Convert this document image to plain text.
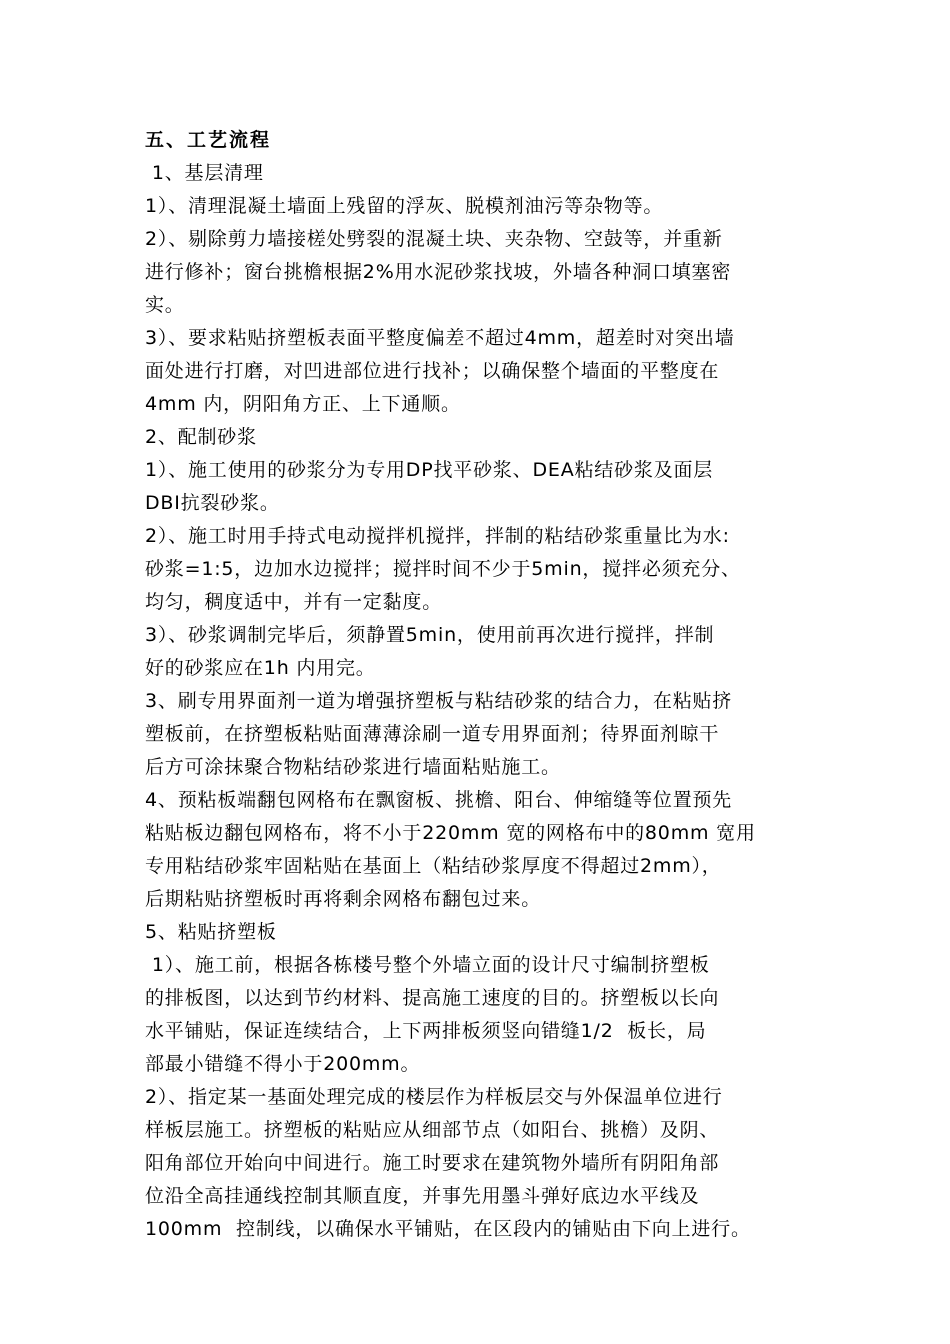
五、工艺流程
1、基层清理
1）、清理混凝土墙面上残留的浮灰、脱模剂油污等杂物等。
2）、剔除剪力墙接槎处劈裂的混凝土块、夹杂物、空鼓等，并重新
进行修补；窗台挑檐根据2%用水泥砂浆找坡，外墙各种洞口填塞密
实。
3）、要求粘贴挤塑板表面平整度偏差不超过4mm，超差时对突出墙
面处进行打磨，对凹进部位进行找补；以确保整个墙面的平整度在
4mm 内，阴阳角方正、上下通顺。
2、配制砂浆
1）、施工使用的砂浆分为专用DP找平砂浆、DEA粘结砂浆及面层
DBI抗裂砂浆。
2）、施工时用手持式电动搅拌机搅拌，拌制的粘结砂浆重量比为水:
砂浆=1:5，边加水边搅拌；搅拌时间不少于5min，搅拌必须充分、
均匀，稠度适中，并有一定黏度。
3）、砂浆调制完毕后，须静置5min，使用前再次进行搅拌，拌制
好的砂浆应在1h 内用完。
3、刷专用界面剂一道为增强挤塑板与粘结砂浆的结合力，在粘贴挤
塑板前，在挤塑板粘贴面薄薄涂刷一道专用界面剂；待界面剂晾干
后方可涂抹聚合物粘结砂浆进行墙面粘贴施工。
4、预粘板端翻包网格布在飘窗板、挑檐、阳台、伸缩缝等位置预先
粘贴板边翻包网格布，将不小于220mm 宽的网格布中的80mm 宽用
专用粘结砂浆牢固粘贴在基面上（粘结砂浆厚度不得超过2mm），
后期粘贴挤塑板时再将剩余网格布翻包过来。
5、粘贴挤塑板
1）、施工前，根据各栋楼号整个外墙立面的设计尺寸编制挤塑板
的排板图，以达到节约材料、提高施工速度的目的。挤塑板以长向
水平铺贴，保证连续结合，上下两排板须竖向错缝1/2  板长，局
部最小错缝不得小于200mm。
2）、指定某一基面处理完成的楼层作为样板层交与外保温单位进行
样板层施工。挤塑板的粘贴应从细部节点（如阳台、挑檐）及阴、
阳角部位开始向中间进行。施工时要求在建筑物外墙所有阴阳角部
位沿全高挂通线控制其顺直度，并事先用墨斗弹好底边水平线及
100mm  控制线，以确保水平铺贴，在区段内的铺贴由下向上进行。
